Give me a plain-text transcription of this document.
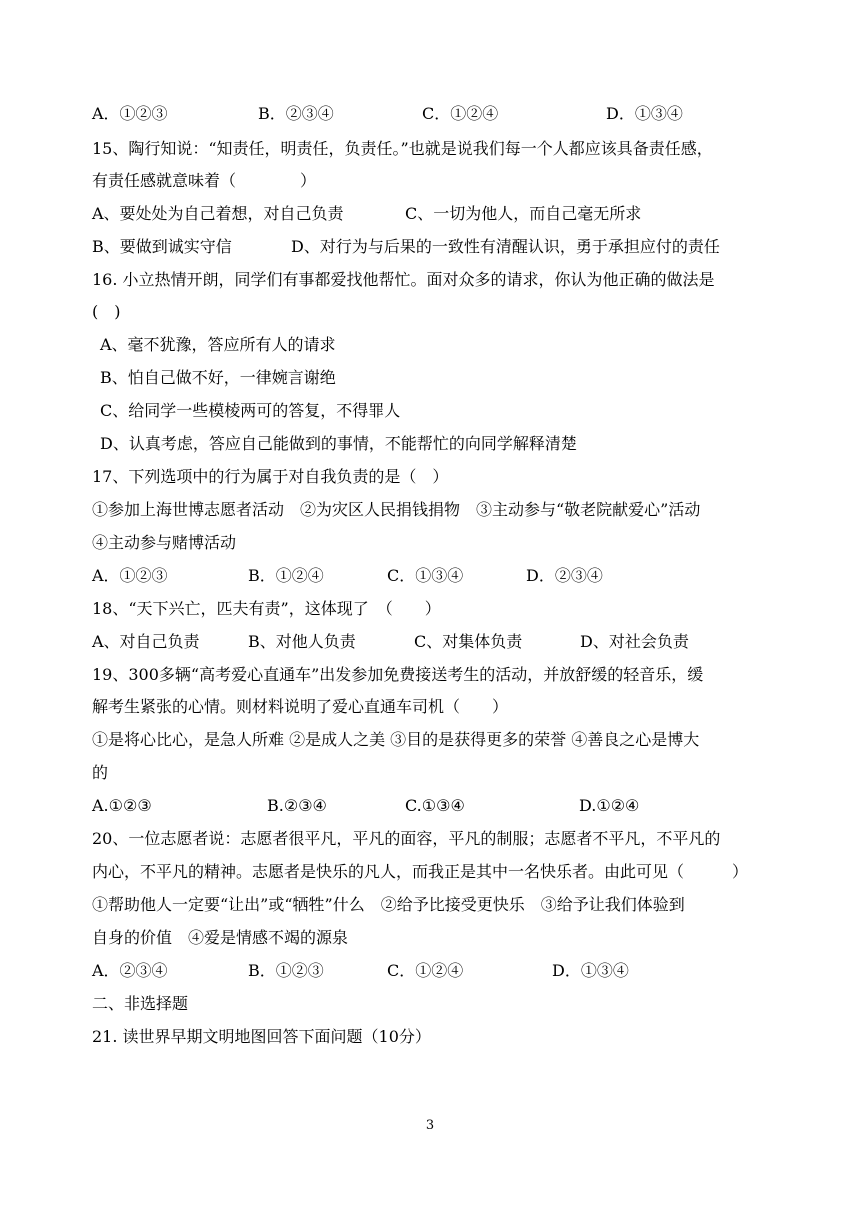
A．①②③	B．②③④	C．①②④	D．①③④
15、陶行知说：“知责任，明责任，负责任。”也就是说我们每一个人都应该具备责任感，
有责任感就意味着（　　　　）
A、要处处为自己着想，对自己负责	C、一切为他人，而自己毫无所求
B、要做到诚实守信	D、对行为与后果的一致性有清醒认识，勇于承担应付的责任
16. 小立热情开朗，同学们有事都爱找他帮忙。面对众多的请求，你认为他正确的做法是
(　)
A、毫不犹豫，答应所有人的请求
B、怕自己做不好，一律婉言谢绝
C、给同学一些模棱两可的答复，不得罪人
D、认真考虑，答应自己能做到的事情，不能帮忙的向同学解释清楚
17、下列选项中的行为属于对自我负责的是（　）
①参加上海世博志愿者活动　②为灾区人民捐钱捐物　③主动参与“敬老院献爱心”活动
④主动参与赌博活动
A．①②③	B．①②④	C．①③④	D．②③④
18、“天下兴亡，匹夫有责”，这体现了　（　　）
A、对自己负责	B、对他人负责	C、对集体负责	D、对社会负责
19、300多辆“高考爱心直通车”出发参加免费接送考生的活动，并放舒缓的轻音乐，缓
解考生紧张的心情。则材料说明了爱心直通车司机（　　）
①是将心比心，是急人所难 ②是成人之美 ③目的是获得更多的荣誉 ④善良之心是博大
的
A.①②③	B.②③④	C.①③④	D.①②④
20、一位志愿者说：志愿者很平凡，平凡的面容，平凡的制服；志愿者不平凡，不平凡的
内心，不平凡的精神。志愿者是快乐的凡人，而我正是其中一名快乐者。由此可见（　　　）
①帮助他人一定要“让出”或“牺牲”什么　②给予比接受更快乐　③给予让我们体验到
自身的价值　④爱是情感不竭的源泉
A．②③④	B．①②③	C．①②④	D．①③④
二、非选择题
21. 读世界早期文明地图回答下面问题（10分）
3
